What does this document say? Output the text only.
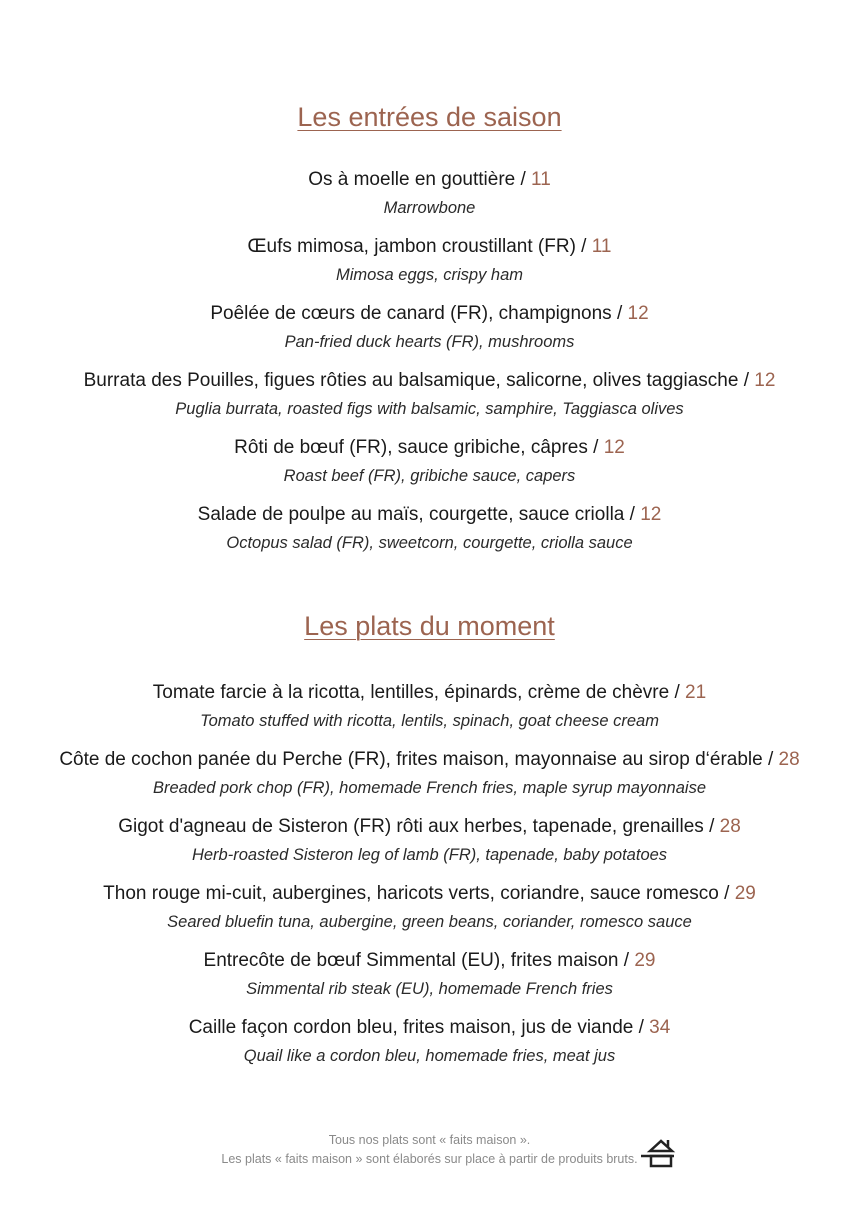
Les entrées de saison
Os à moelle en gouttière / 11
Marrowbone
Œufs mimosa, jambon croustillant (FR) / 11
Mimosa eggs, crispy ham
Poêlée de cœurs de canard (FR), champignons / 12
Pan-fried duck hearts (FR), mushrooms
Burrata des Pouilles, figues rôties au balsamique, salicorne, olives taggiasche / 12
Puglia burrata, roasted figs with balsamic, samphire, Taggiasca olives
Rôti de bœuf (FR), sauce gribiche, câpres / 12
Roast beef (FR), gribiche sauce, capers
Salade de poulpe au maïs, courgette, sauce criolla / 12
Octopus salad (FR), sweetcorn, courgette, criolla sauce
Les plats du moment
Tomate farcie à la ricotta, lentilles, épinards, crème de chèvre / 21
Tomato stuffed with ricotta, lentils, spinach, goat cheese cream
Côte de cochon panée du Perche (FR), frites maison, mayonnaise au sirop d‘érable / 28
Breaded pork chop (FR), homemade French fries, maple syrup mayonnaise
Gigot d'agneau de Sisteron (FR) rôti aux herbes, tapenade, grenailles / 28
Herb-roasted Sisteron leg of lamb (FR), tapenade, baby potatoes
Thon rouge mi-cuit, aubergines, haricots verts, coriandre, sauce romesco / 29
Seared bluefin tuna, aubergine, green beans, coriander, romesco sauce
Entrecôte de bœuf Simmental (EU), frites maison / 29
Simmental rib steak (EU), homemade French fries
Caille façon cordon bleu, frites maison, jus de viande / 34
Quail like a cordon bleu, homemade fries, meat jus
Tous nos plats sont « faits maison ».
Les plats « faits maison » sont élaborés sur place à partir de produits bruts.
